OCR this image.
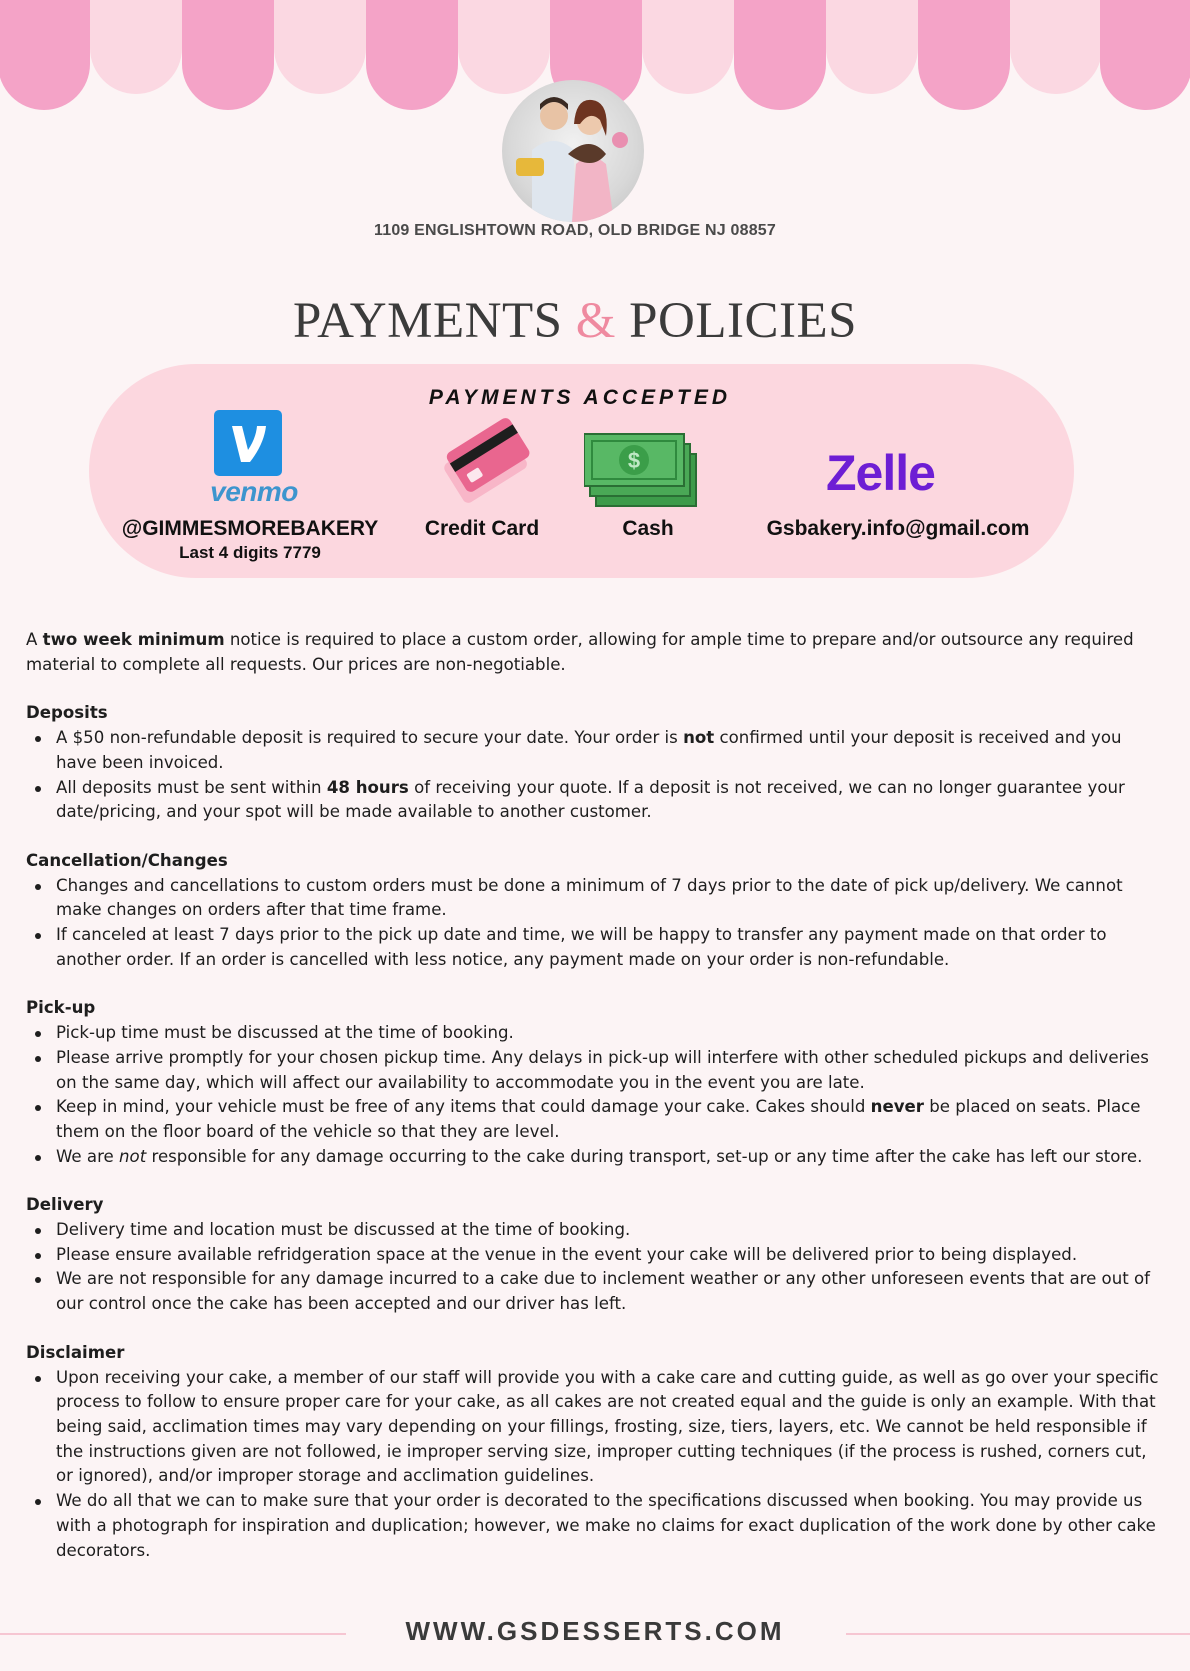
1109 ENGLISHTOWN ROAD, OLD BRIDGE NJ 08857
PAYMENTS & POLICIES
PAYMENTS ACCEPTED
venmo
@GIMMESMOREBAKERY
Last 4 digits 7779
Credit Card
$
Cash
Zelle
Gsbakery.info@gmail.com

A two week minimum notice is required to place a custom order, allowing for ample time to prepare and/or outsource any required material to complete all requests. Our prices are non-negotiable.

Deposits
A $50 non-refundable deposit is required to secure your date. Your order is not confirmed until your deposit is received and you have been invoiced.
All deposits must be sent within 48 hours of receiving your quote. If a deposit is not received, we can no longer guarantee your date/pricing, and your spot will be made available to another customer.
Cancellation/Changes
Changes and cancellations to custom orders must be done a minimum of 7 days prior to the date of pick up/delivery. We cannot make changes on orders after that time frame.
If canceled at least 7 days prior to the pick up date and time, we will be happy to transfer any payment made on that order to another order. If an order is cancelled with less notice, any payment made on your order is non-refundable.
Pick-up
Pick-up time must be discussed at the time of booking.
Please arrive promptly for your chosen pickup time. Any delays in pick-up will interfere with other scheduled pickups and deliveries on the same day, which will affect our availability to accommodate you in the event you are late.
Keep in mind, your vehicle must be free of any items that could damage your cake. Cakes should never be placed on seats. Place them on the floor board of the vehicle so that they are level.
We are not responsible for any damage occurring to the cake during transport, set-up or any time after the cake has left our store.
Delivery
Delivery time and location must be discussed at the time of booking.
Please ensure available refridgeration space at the venue in the event your cake will be delivered prior to being displayed.
We are not responsible for any damage incurred to a cake due to inclement weather or any other unforeseen events that are out of our control once the cake has been accepted and our driver has left.
Disclaimer
Upon receiving your cake, a member of our staff will provide you with a cake care and cutting guide, as well as go over your specific process to follow to ensure proper care for your cake, as all cakes are not created equal and the guide is only an example. With that being said, acclimation times may vary depending on your fillings, frosting, size, tiers, layers, etc. We cannot be held responsible if the instructions given are not followed, ie improper serving size, improper cutting techniques (if the process is rushed, corners cut, or ignored), and/or improper storage and acclimation guidelines.
We do all that we can to make sure that your order is decorated to the specifications discussed when booking. You may provide us with a photograph for inspiration and duplication; however, we make no claims for exact duplication of the work done by other cake decorators.
WWW.GSDESSERTS.COM
